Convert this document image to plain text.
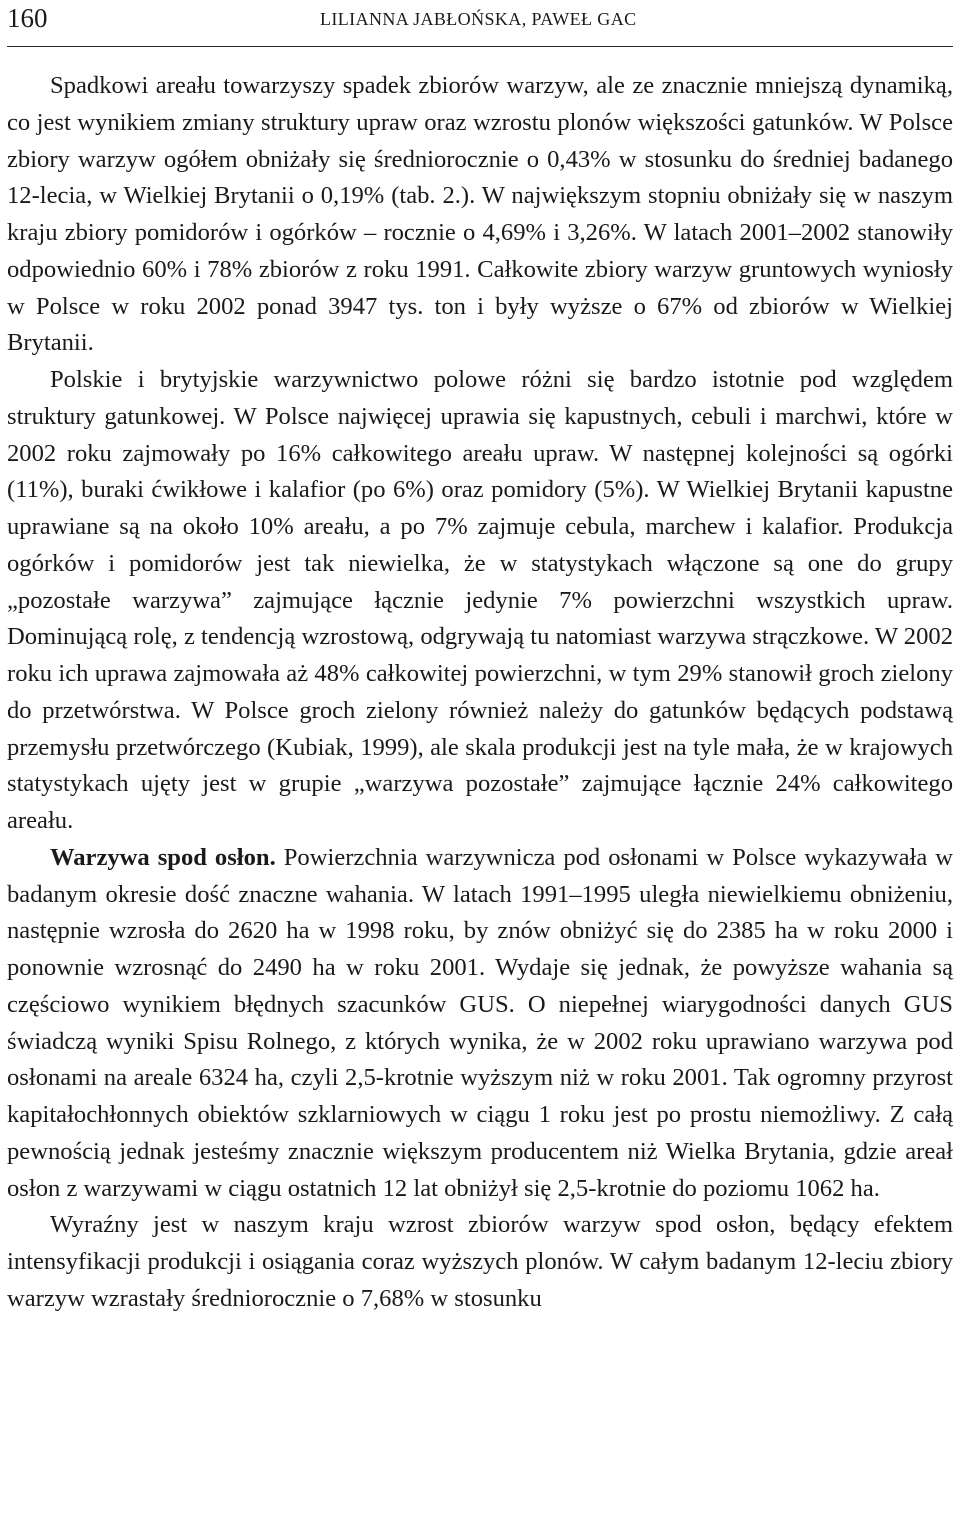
160	LILIANNA JABŁOŃSKA, PAWEŁ GAC

Spadkowi areału towarzyszy spadek zbiorów warzyw, ale ze znacznie mniejszą dynamiką, co jest wynikiem zmiany struktury upraw oraz wzrostu plonów większości gatunków. W Polsce zbiory warzyw ogółem obniżały się średniorocznie o 0,43% w stosunku do średniej badanego 12-lecia, w Wielkiej Brytanii o 0,19% (tab. 2.). W największym stopniu obniżały się w naszym kraju zbiory pomidorów i ogórków – rocznie o 4,69% i 3,26%. W latach 2001–2002 stanowiły odpowiednio 60% i 78% zbiorów z roku 1991. Całkowite zbiory warzyw gruntowych wyniosły w Polsce w roku 2002 ponad 3947 tys. ton i były wyższe o 67% od zbiorów w Wielkiej Brytanii.

Polskie i brytyjskie warzywnictwo polowe różni się bardzo istotnie pod względem struktury gatunkowej. W Polsce najwięcej uprawia się kapustnych, cebuli i marchwi, które w 2002 roku zajmowały po 16% całkowitego areału upraw. W następnej kolejności są ogórki (11%), buraki ćwikłowe i kalafior (po 6%) oraz pomidory (5%). W Wielkiej Brytanii kapustne uprawiane są na około 10% areału, a po 7% zajmuje cebula, marchew i kalafior. Produkcja ogórków i pomidorów jest tak niewielka, że w statystykach włączone są one do grupy „pozostałe warzywa” zajmujące łącznie jedynie 7% powierzchni wszystkich upraw. Dominującą rolę, z tendencją wzrostową, odgrywają tu natomiast warzywa strączkowe. W 2002 roku ich uprawa zajmowała aż 48% całkowitej powierzchni, w tym 29% stanowił groch zielony do przetwórstwa. W Polsce groch zielony również należy do gatunków będących podstawą przemysłu przetwórczego (Kubiak, 1999), ale skala produkcji jest na tyle mała, że w krajowych statystykach ujęty jest w grupie „warzywa pozostałe” zajmujące łącznie 24% całkowitego areału.

Warzywa spod osłon. Powierzchnia warzywnicza pod osłonami w Polsce wykazywała w badanym okresie dość znaczne wahania. W latach 1991–1995 uległa niewielkiemu obniżeniu, następnie wzrosła do 2620 ha w 1998 roku, by znów obniżyć się do 2385 ha w roku 2000 i ponownie wzrosnąć do 2490 ha w roku 2001. Wydaje się jednak, że powyższe wahania są częściowo wynikiem błędnych szacunków GUS. O niepełnej wiarygodności danych GUS świadczą wyniki Spisu Rolnego, z których wynika, że w 2002 roku uprawiano warzywa pod osłonami na areale 6324 ha, czyli 2,5-krotnie wyższym niż w roku 2001. Tak ogromny przyrost kapitałochłonnych obiektów szklarniowych w ciągu 1 roku jest po prostu niemożliwy. Z całą pewnością jednak jesteśmy znacznie większym producentem niż Wielka Brytania, gdzie areał osłon z warzywami w ciągu ostatnich 12 lat obniżył się 2,5-krotnie do poziomu 1062 ha.

Wyraźny jest w naszym kraju wzrost zbiorów warzyw spod osłon, będący efektem intensyfikacji produkcji i osiągania coraz wyższych plonów. W całym badanym 12-leciu zbiory warzyw wzrastały średniorocznie o 7,68% w stosunku
